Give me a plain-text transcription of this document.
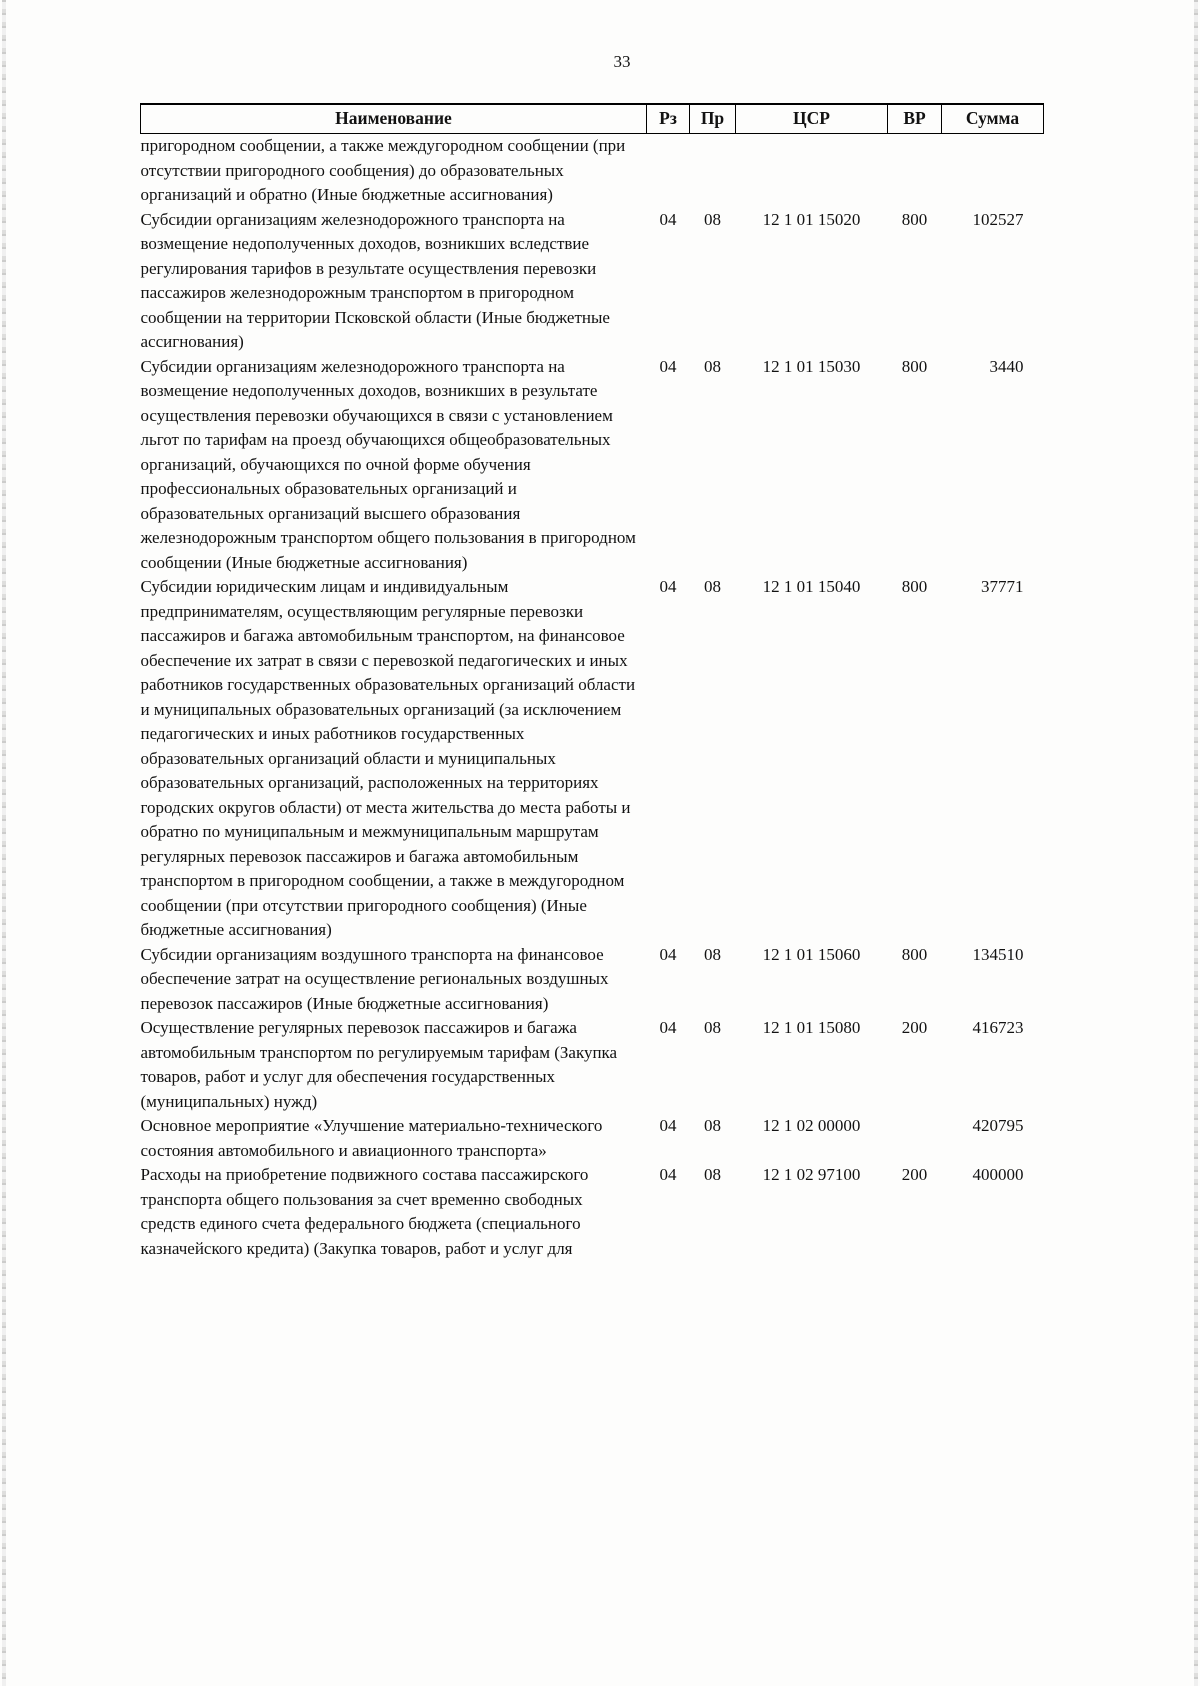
33
Наименование	Рз	Пр	ЦСР	ВР	Сумма
пригородном сообщении, а также междугородном сообщении (при отсутствии пригородного сообщения) до образовательных организаций и обратно (Иные бюджетные ассигнования)					
Субсидии организациям железнодорожного транспорта на возмещение недополученных доходов, возникших вследствие регулирования тарифов в результате осуществления перевозки пассажиров железнодорожным транспортом в пригородном сообщении на территории Псковской области (Иные бюджетные ассигнования)	04	08	12 1 01 15020	800	102527
Субсидии организациям железнодорожного транспорта на возмещение недополученных доходов, возникших в результате осуществления перевозки обучающихся в связи с установлением льгот по тарифам на проезд обучающихся общеобразовательных организаций, обучающихся по очной форме обучения профессиональных образовательных организаций и образовательных организаций высшего образования железнодорожным транспортом общего пользования в пригородном сообщении (Иные бюджетные ассигнования)	04	08	12 1 01 15030	800	3440
Субсидии юридическим лицам и индивидуальным предпринимателям, осуществляющим регулярные перевозки пассажиров и багажа автомобильным транспортом, на финансовое обеспечение их затрат в связи с перевозкой педагогических и иных работников государственных образовательных организаций области и муниципальных образовательных организаций (за исключением педагогических и иных работников государственных образовательных организаций области и муниципальных образовательных организаций, расположенных на территориях городских округов области) от места жительства до места работы и обратно по муниципальным и межмуниципальным маршрутам регулярных перевозок пассажиров и багажа автомобильным транспортом в пригородном сообщении, а также в междугородном сообщении (при отсутствии пригородного сообщения) (Иные бюджетные ассигнования)	04	08	12 1 01 15040	800	37771
Субсидии организациям воздушного транспорта на финансовое обеспечение затрат на осуществление региональных воздушных перевозок пассажиров (Иные бюджетные ассигнования)	04	08	12 1 01 15060	800	134510
Осуществление регулярных перевозок пассажиров и багажа автомобильным транспортом по регулируемым тарифам (Закупка товаров, работ и услуг для обеспечения государственных (муниципальных) нужд)	04	08	12 1 01 15080	200	416723
Основное мероприятие «Улучшение материально-технического состояния автомобильного и авиационного транспорта»	04	08	12 1 02 00000		420795
Расходы на приобретение подвижного состава пассажирского транспорта общего пользования за счет временно свободных средств единого счета федерального бюджета (специального казначейского кредита) (Закупка товаров, работ и услуг для	04	08	12 1 02 97100	200	400000
